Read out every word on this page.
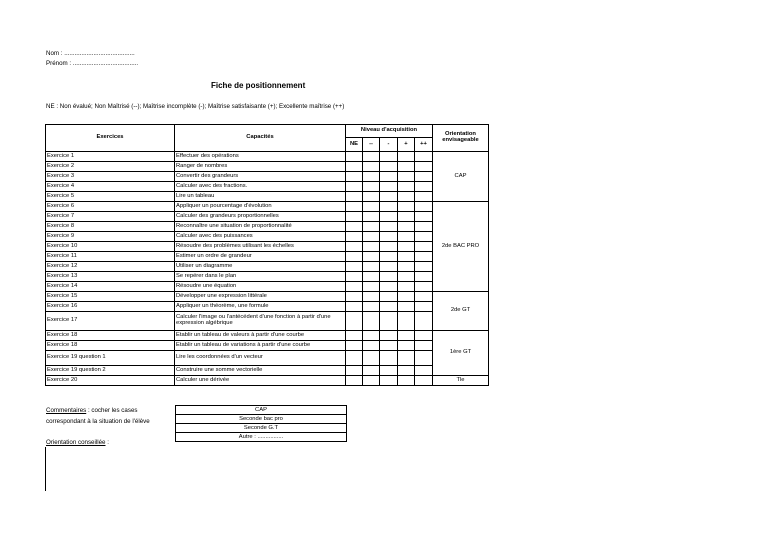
Nom : .........................................
Prénom : ......................................
Fiche de positionnement
NE : Non évalué; Non Maîtrisé (--); Maîtrise incomplète (-); Maîtrise satisfaisante (+); Excellente maîtrise (++)
Exercices	Capacités	Niveau d'acquisition					Orientation
envisageable
		NE	--	-	+	++	
Exercice 1	Effectuer des opérations						CAP
Exercice 2	Ranger de nombres						
Exercice 3	Convertir des grandeurs						
Exercice 4	Calculer avec des fractions.						
Exercice 5	Lire un tableau						
Exercice 6	Appliquer un pourcentage d'évolution						2de BAC PRO
Exercice 7	Calculer des grandeurs proportionnelles						
Exercice 8	Reconnaître une situation de proportionnalité						
Exercice 9	Calculer avec des puissances						
Exercice 10	Résoudre des problèmes utilisant les échelles						
Exercice 11	Estimer un ordre de grandeur						
Exercice 12	Utiliser un diagramme						
Exercice 13	Se repérer dans le plan						
Exercice 14	Résoudre une équation						
Exercice 15	Développer une expression littérale						2de GT
Exercice 16	Appliquer un théorème, une formule						
Exercice 17	Calculer l'image ou l'antécédent d'une fonction à partir d'une expression algébrique						
Exercice 18	Etablir un tableau de valeurs à partir d'une courbe						1ère GT
Exercice 18	Etablir un tableau de variations à partir d'une courbe						
Exercice 19 question 1	Lire les coordonnées d'un vecteur						
Exercice 19 question 2	Construire une somme vectorielle						
Exercice 20	Calculer une dérivée						Tle
Commentaires : cocher les cases
correspondant à la situation de l'élève
Orientation conseillée :
CAP
Seconde bac pro
Seconde G.T
Autre : ................
